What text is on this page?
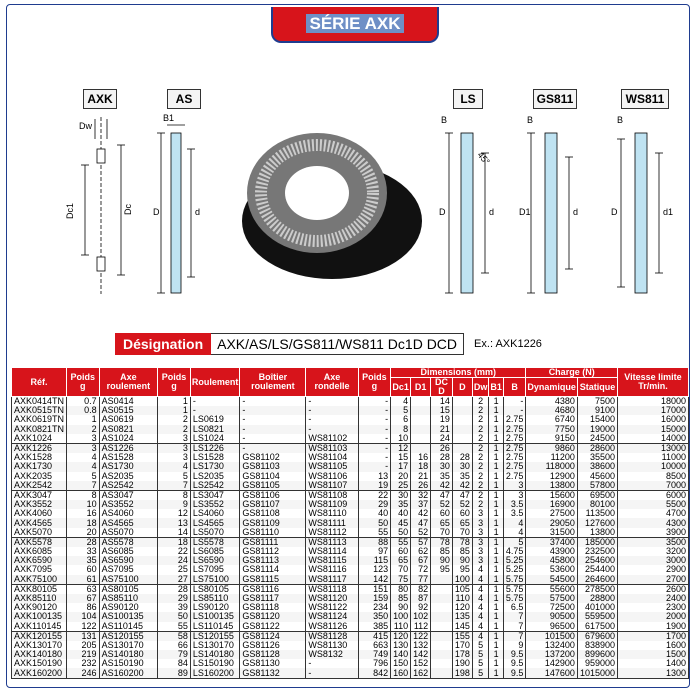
SÉRIE AXK
AXK	AS	LS	GS811	WS811
Dw
B1
Dc1	Dc D	d
B
45°
D	d
B
D1	d
B
D	d1
Désignation	AXK/AS/LS/GS811/WS811 Dc1D DCD	Ex.: AXK1226
Réf.	Poids g	Axe roulement	Poids g	Roulement	Boîtier roulement	Axe rondelle	Poids g	Dimensions (mm)							Charge (N)		Vitesse limite Tr/min.
								Dc1	D1	DC D	D	Dw	B1	B	Dynamique	Statique	
AXK0414TN	0.7	AS0414	1	-	-	-	-	4		14		2	1	-	4380	7500	18000
AXK0515TN	0.8	AS0515	1	-	-	-	-	5		15		2	1	-	4680	9100	17000
AXK0619TN	1	AS0619	2	LS0619	-	-	-	6		19		2	1	2.75	6740	15400	16000
AXK0821TN	2	AS0821	2	LS0821	-	-	-	8		21		2	1	2.75	7750	19000	15000
AXK1024	3	AS1024	3	LS1024	-	WS81102	-	10		24		2	1	2.75	9150	24500	14000
AXK1226	3	AS1226	3	LS1226	-	WS81103	-	12		26		2	1	2.75	9860	28600	13000
AXK1528	4	AS1528	3	LS1528	GS81102	WS81104	-	15	16	28	28	2	1	2.75	11200	35500	11000
AXK1730	4	AS1730	4	LS1730	GS81103	WS81105	-	17	18	30	30	2	1	2.75	118000	38600	10000
AXK2035	5	AS2035	5	LS2035	GS81104	WS81106	13	20	21	35	35	2	1	2.75	12900	45600	8500
AXK2542	7	AS2542	7	LS2542	GS81105	WS81107	19	25	26	42	42	2	1	3	13800	57800	7000
AXK3047	8	AS3047	8	LS3047	GS81106	WS81108	22	30	32	47	47	2	1	3	15600	69500	6000
AXK3552	10	AS3552	9	LS3552	GS81107	WS81109	29	35	37	52	52	2	1	3.5	16900	80100	5500
AXK4060	16	AS4060	12	LS4060	GS81108	WS81110	40	40	42	60	60	3	1	3.5	27500	113500	4700
AXK4565	18	AS4565	13	LS4565	GS81109	WS81111	50	45	47	65	65	3	1	4	29050	127600	4300
AXK5070	20	AS5070	14	LS5070	GS81110	WS81112	55	50	52	70	70	3	1	4	31500	13800	3900
AXK5578	28	AS5578	18	LS5578	GS81111	WS81113	88	55	57	78	78	3	1	5	37400	185000	3500
AXK6085	33	AS6085	22	LS6085	GS81112	WS81114	97	60	62	85	85	3	1	4.75	43900	232500	3200
AXK6590	35	AS6590	24	LS6590	GS81113	WS81115	115	65	67	90	90	3	1	5.25	45800	254600	3000
AXK7095	60	AS7095	25	LS7095	GS81114	WS81116	123	70	72	95	95	4	1	5.25	53600	254400	2900
AXK75100	61	AS75100	27	LS75100	GS81115	WS81117	142	75	77		100	4	1	5.75	54500	264600	2700
AXK80105	63	AS80105	28	LS80105	GS81116	WS81118	151	80	82		105	4	1	5.75	55600	278500	2600
AXK85110	67	AS85110	29	LS85110	GS81117	WS81120	159	85	87		110	4	1	5.75	57500	28800	2400
AXK90120	86	AS90120	39	LS90120	GS81118	WS81122	234	90	92		120	4	1	6.5	72500	401000	2300
AXK100135	104	AS100135	50	LS100135	GS81120	WS81124	350	100	102		135	4	1	7	90500	559500	2000
AXK110145	122	AS110145	55	LS110145	GS81122	WS81126	385	110	112		145	4	1	7	96500	617500	1900
AXK120155	131	AS120155	58	LS120155	GS81124	WS81128	415	120	122		155	4	1	7	101500	679600	1700
AXK130170	205	AS130170	66	LS130170	GS81126	WS81130	663	130	132		170	5	1	9	132400	838900	1600
AXK140180	219	AS140180	79	LS140180	GS81128	WS8132	749	140	142		178	5	1	9.5	137200	899600	1500
AXK150190	232	AS150190	84	LS150190	GS81130	-	796	150	152		190	5	1	9.5	142900	959000	1400
AXK160200	246	AS160200	89	LS160200	GS81132	-	842	160	162		198	5	1	9.5	147600	1015000	1300
